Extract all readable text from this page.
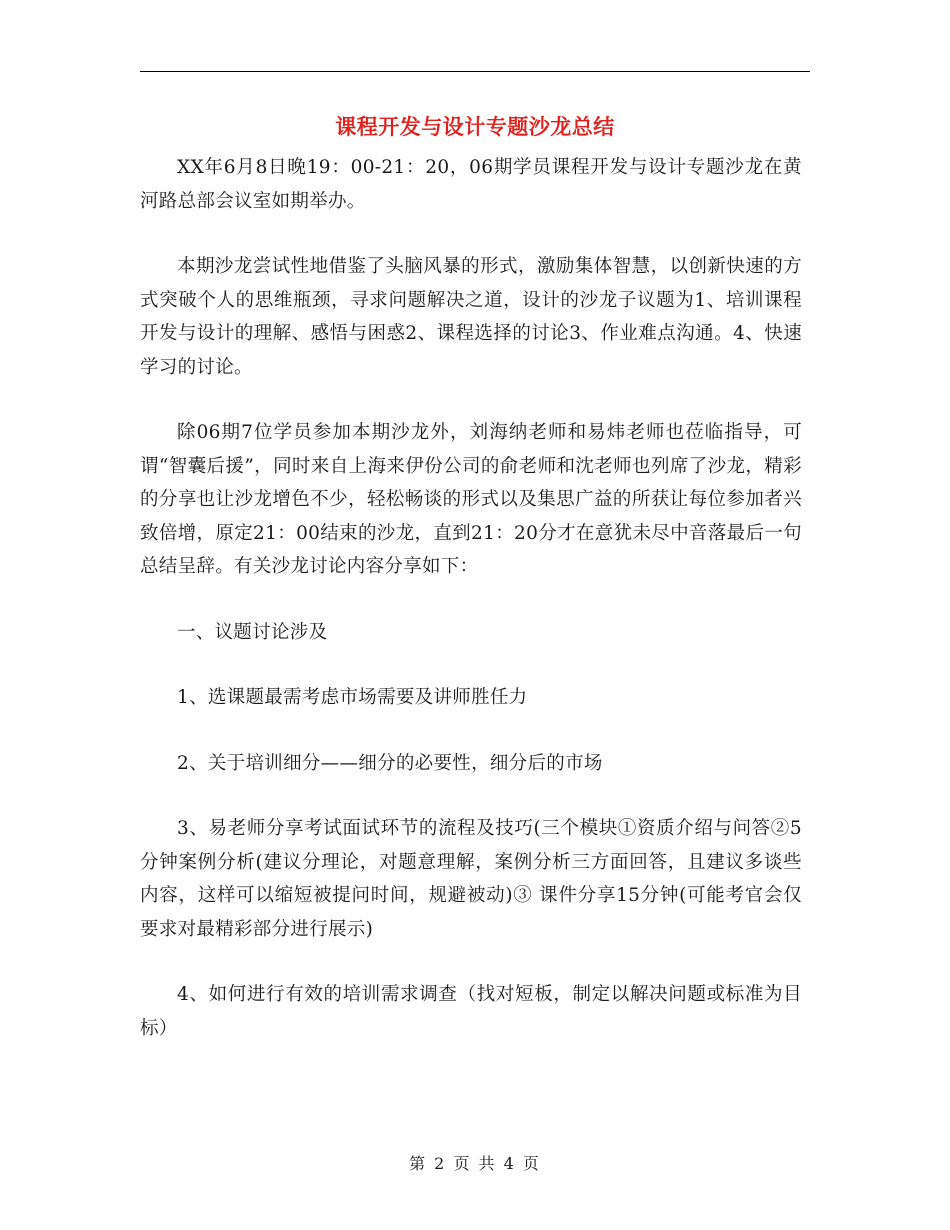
课程开发与设计专题沙龙总结

XX年6月8日晚19：00-21：20，06期学员课程开发与设计专题沙龙在黄河路总部会议室如期举办。

本期沙龙尝试性地借鉴了头脑风暴的形式，激励集体智慧，以创新快速的方式突破个人的思维瓶颈，寻求问题解决之道，设计的沙龙子议题为1、培训课程开发与设计的理解、感悟与困惑2、课程选择的讨论3、作业难点沟通。4、快速学习的讨论。

除06期7位学员参加本期沙龙外，刘海纳老师和易炜老师也莅临指导，可谓“智囊后援”，同时来自上海来伊份公司的俞老师和沈老师也列席了沙龙，精彩的分享也让沙龙增色不少，轻松畅谈的形式以及集思广益的所获让每位参加者兴致倍增，原定21：00结束的沙龙，直到21：20分才在意犹未尽中音落最后一句总结呈辞。有关沙龙讨论内容分享如下：

一、议题讨论涉及

1、选课题最需考虑市场需要及讲师胜任力

2、关于培训细分——细分的必要性，细分后的市场

3、易老师分享考试面试环节的流程及技巧(三个模块①资质介绍与问答②5分钟案例分析(建议分理论，对题意理解，案例分析三方面回答，且建议多谈些内容，这样可以缩短被提问时间，规避被动)③ 课件分享15分钟(可能考官会仅要求对最精彩部分进行展示)

4、如何进行有效的培训需求调查（找对短板，制定以解决问题或标准为目标）

第 2 页 共 4 页
